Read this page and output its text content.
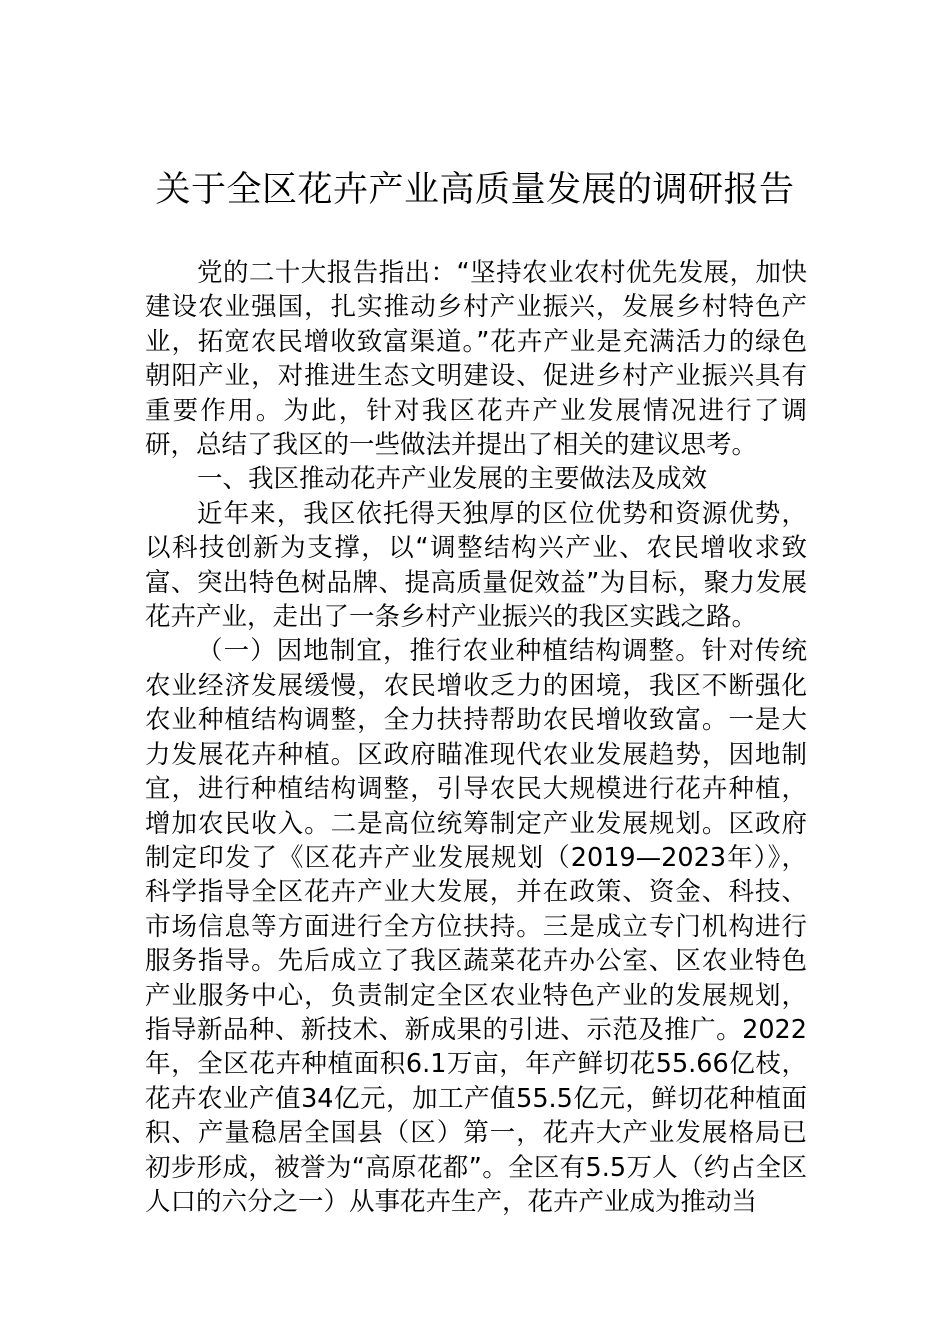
关于全区花卉产业高质量发展的调研报告

党的二十大报告指出：“坚持农业农村优先发展，加快建设农业强国，扎实推动乡村产业振兴，发展乡村特色产业，拓宽农民增收致富渠道。”花卉产业是充满活力的绿色朝阳产业，对推进生态文明建设、促进乡村产业振兴具有重要作用。为此，针对我区花卉产业发展情况进行了调研，总结了我区的一些做法并提出了相关的建议思考。

一、我区推动花卉产业发展的主要做法及成效

近年来，我区依托得天独厚的区位优势和资源优势，以科技创新为支撑，以“调整结构兴产业、农民增收求致富、突出特色树品牌、提高质量促效益”为目标，聚力发展花卉产业，走出了一条乡村产业振兴的我区实践之路。

（一）因地制宜，推行农业种植结构调整。针对传统农业经济发展缓慢，农民增收乏力的困境，我区不断强化农业种植结构调整，全力扶持帮助农民增收致富。一是大力发展花卉种植。区政府瞄准现代农业发展趋势，因地制宜，进行种植结构调整，引导农民大规模进行花卉种植，增加农民收入。二是高位统筹制定产业发展规划。区政府制定印发了《区花卉产业发展规划（2019—2023年）》，科学指导全区花卉产业大发展，并在政策、资金、科技、市场信息等方面进行全方位扶持。三是成立专门机构进行服务指导。先后成立了我区蔬菜花卉办公室、区农业特色产业服务中心，负责制定全区农业特色产业的发展规划，指导新品种、新技术、新成果的引进、示范及推广。2022年，全区花卉种植面积6.1万亩，年产鲜切花55.66亿枝，花卉农业产值34亿元，加工产值55.5亿元，鲜切花种植面积、产量稳居全国县（区）第一，花卉大产业发展格局已初步形成，被誉为“高原花都”。全区有5.5万人（约占全区人口的六分之一）从事花卉生产，花卉产业成为推动当
